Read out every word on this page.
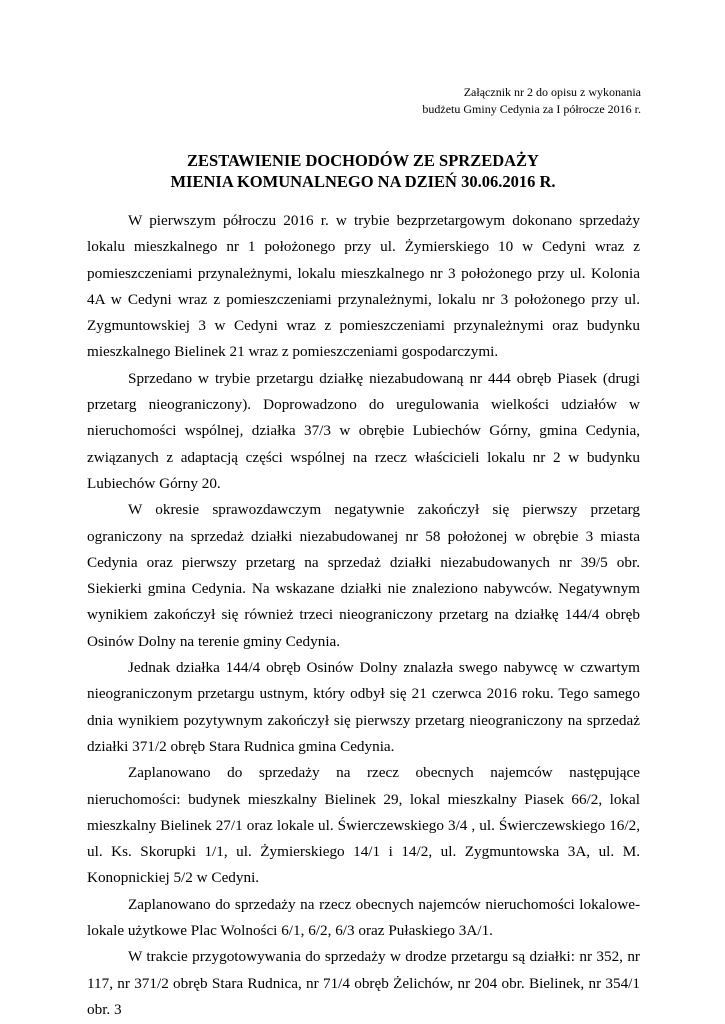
Załącznik nr 2 do opisu z wykonania
budżetu Gminy Cedynia za I półrocze 2016 r.
ZESTAWIENIE DOCHODÓW ZE SPRZEDAŻY
MIENIA KOMUNALNEGO NA DZIEŃ 30.06.2016 R.

W pierwszym półroczu 2016 r. w trybie bezprzetargowym dokonano sprzedaży lokalu mieszkalnego nr 1 położonego przy ul. Żymierskiego 10 w Cedyni wraz z pomieszczeniami przynależnymi, lokalu mieszkalnego nr 3 położonego przy ul. Kolonia 4A w Cedyni wraz z pomieszczeniami przynależnymi, lokalu nr 3 położonego przy ul. Zygmuntowskiej 3 w Cedyni wraz z pomieszczeniami przynależnymi oraz budynku mieszkalnego Bielinek 21 wraz z pomieszczeniami gospodarczymi.

Sprzedano w trybie przetargu działkę niezabudowaną nr 444 obręb Piasek (drugi przetarg nieograniczony). Doprowadzono do uregulowania wielkości udziałów w nieruchomości wspólnej, działka 37/3 w obrębie Lubiechów Górny, gmina Cedynia, związanych z adaptacją części wspólnej na rzecz właścicieli lokalu nr 2 w budynku Lubiechów Górny 20.

W okresie sprawozdawczym negatywnie zakończył się pierwszy przetarg ograniczony na sprzedaż działki niezabudowanej nr 58 położonej w obrębie 3 miasta Cedynia oraz pierwszy przetarg na sprzedaż działki niezabudowanych nr 39/5 obr. Siekierki gmina Cedynia. Na wskazane działki nie znaleziono nabywców. Negatywnym wynikiem zakończył się również trzeci nieograniczony przetarg na działkę 144/4 obręb Osinów Dolny na terenie gminy Cedynia.

Jednak działka 144/4 obręb Osinów Dolny znalazła swego nabywcę w czwartym nieograniczonym przetargu ustnym, który odbył się 21 czerwca 2016 roku. Tego samego dnia wynikiem pozytywnym zakończył się pierwszy przetarg nieograniczony na sprzedaż działki 371/2 obręb Stara Rudnica gmina Cedynia.

Zaplanowano do sprzedaży na rzecz obecnych najemców następujące nieruchomości: budynek mieszkalny Bielinek 29, lokal mieszkalny Piasek 66/2, lokal mieszkalny Bielinek 27/1 oraz lokale ul. Świerczewskiego 3/4 , ul. Świerczewskiego 16/2, ul. Ks. Skorupki 1/1, ul. Żymierskiego 14/1 i 14/2, ul. Zygmuntowska 3A, ul. M. Konopnickiej 5/2 w Cedyni.

Zaplanowano do sprzedaży na rzecz obecnych najemców nieruchomości lokalowe- lokale użytkowe Plac Wolności 6/1, 6/2, 6/3 oraz Pułaskiego 3A/1.

W trakcie przygotowywania do sprzedaży w drodze przetargu są działki: nr 352, nr 117, nr 371/2 obręb Stara Rudnica, nr 71/4 obręb Żelichów, nr 204 obr. Bielinek, nr 354/1 obr. 3
